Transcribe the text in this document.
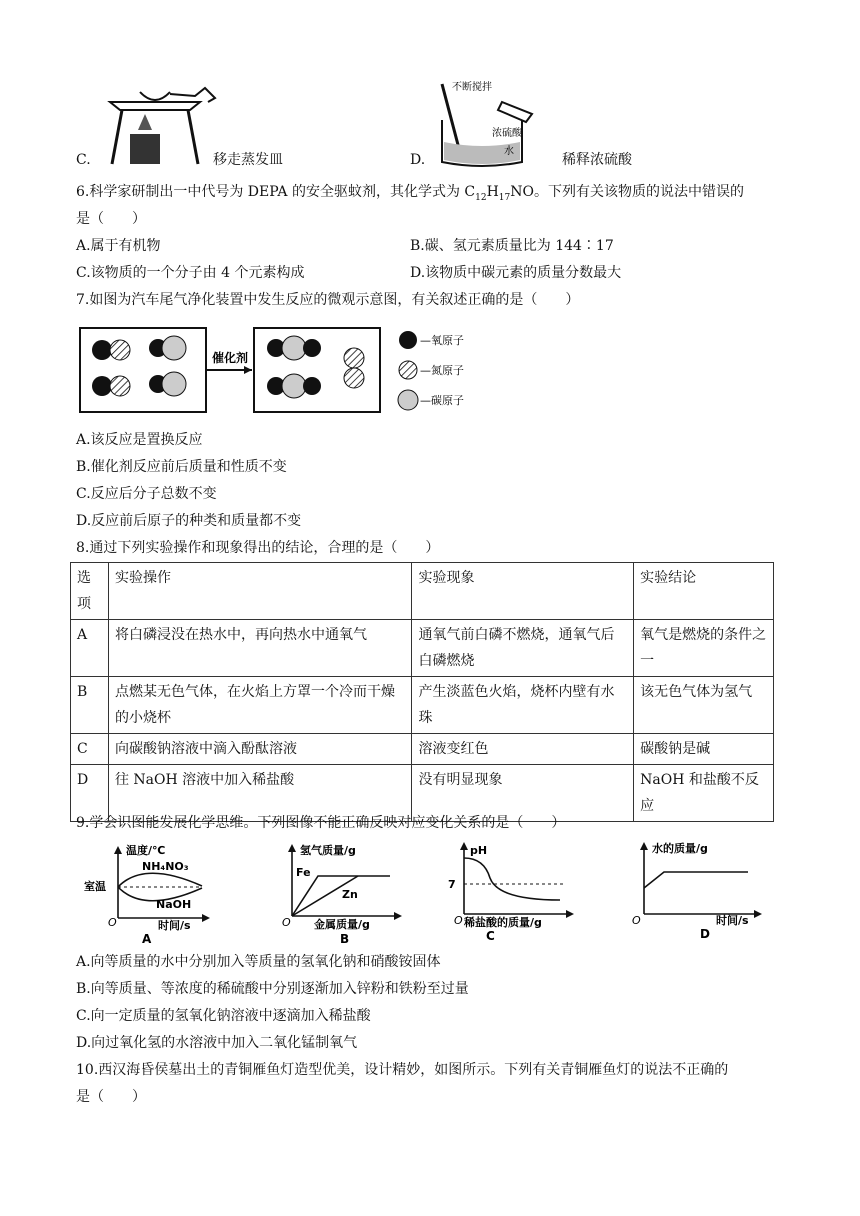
C.	移走蒸发皿
不断搅拌
浓硫酸
水
D.	稀释浓硫酸
6.科学家研制出一中代号为 DEPA 的安全驱蚊剂，其化学式为 $C_{12}H_{17}NO$。下列有关该物质的说法中错误的
是（　　）
A.属于有机物	B.碳、氢元素质量比为 144∶17
C.该物质的一个分子由 4 个元素构成	D.该物质中碳元素的质量分数最大
7.如图为汽车尾气净化装置中发生反应的微观示意图，有关叙述正确的是（　　）
催化剂
—氧原子
—氮原子
—碳原子
A.该反应是置换反应
B.催化剂反应前后质量和性质不变
C.反应后分子总数不变
D.反应前后原子的种类和质量都不变
8.通过下列实验操作和现象得出的结论，合理的是（　　）
选项	实验操作	实验现象	实验结论
A	将白磷浸没在热水中，再向热水中通氧气	通氧气前白磷不燃烧，通氧气后白磷燃烧	氧气是燃烧的条件之一
B	点燃某无色气体，在火焰上方罩一个冷而干燥的小烧杯	产生淡蓝色火焰，烧杯内壁有水珠	该无色气体为氢气
C	向碳酸钠溶液中滴入酚酞溶液	溶液变红色	碳酸钠是碱
D	往 NaOH 溶液中加入稀盐酸	没有明显现象	NaOH 和盐酸不反应
9.学会识图能发展化学思维。下列图像不能正确反映对应变化关系的是（　　）
温度/℃
NH₄NO₃
室温
NaOH
O	时间/s
A
氢气质量/g
Fe
Zn
O 金属质量/g
B
pH
7
O 稀盐酸的质量/g
C
水的质量/g
O	时间/s
D
A.向等质量的水中分别加入等质量的氢氧化钠和硝酸铵固体
B.向等质量、等浓度的稀硫酸中分别逐渐加入锌粉和铁粉至过量
C.向一定质量的氢氧化钠溶液中逐滴加入稀盐酸
D.向过氧化氢的水溶液中加入二氧化锰制氧气
10.西汉海昏侯墓出土的青铜雁鱼灯造型优美，设计精妙，如图所示。下列有关青铜雁鱼灯的说法不正确的
是（　　）
